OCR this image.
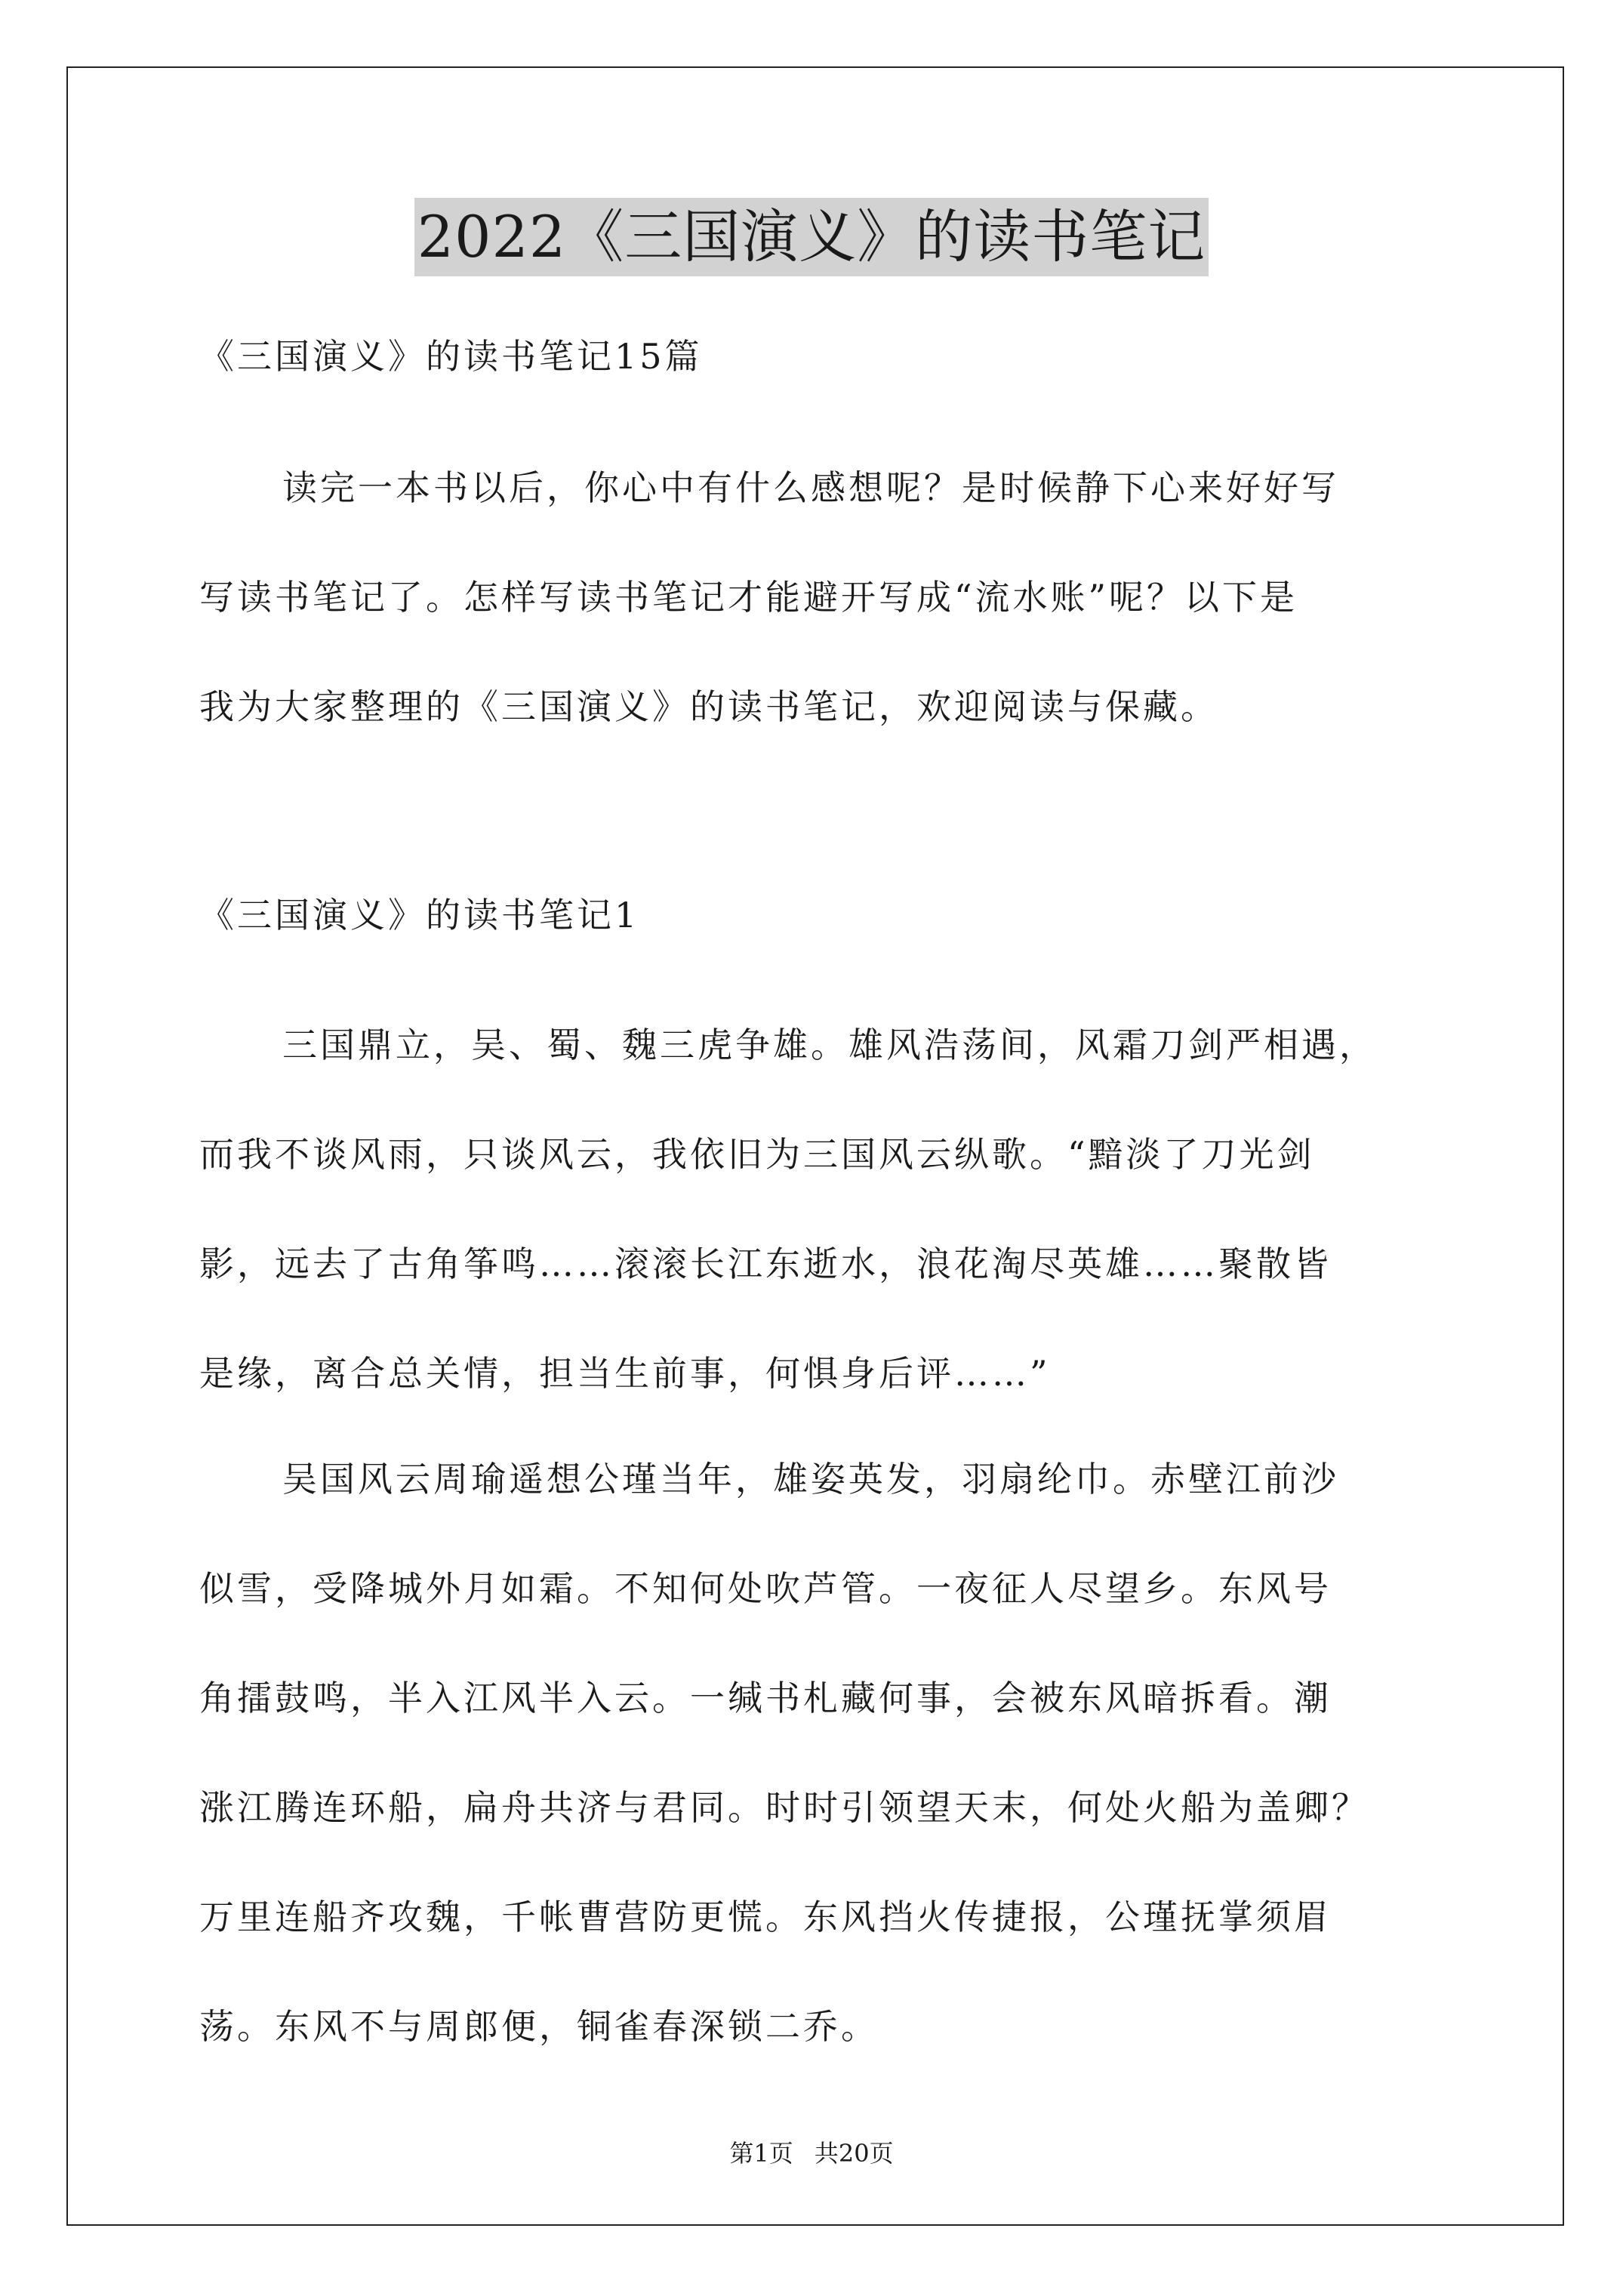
2022《三国演义》的读书笔记

《三国演义》的读书笔记15篇

读完一本书以后，你心中有什么感想呢？是时候静下心来好好写
写读书笔记了。怎样写读书笔记才能避开写成“流水账”呢？以下是
我为大家整理的《三国演义》的读书笔记，欢迎阅读与保藏。

《三国演义》的读书笔记1

三国鼎立，吴、蜀、魏三虎争雄。雄风浩荡间，风霜刀剑严相遇，
而我不谈风雨，只谈风云，我依旧为三国风云纵歌。“黯淡了刀光剑
影，远去了古角筝鸣……滚滚长江东逝水，浪花淘尽英雄……聚散皆
是缘，离合总关情，担当生前事，何惧身后评……”

吴国风云周瑜遥想公瑾当年，雄姿英发，羽扇纶巾。赤壁江前沙
似雪，受降城外月如霜。不知何处吹芦管。一夜征人尽望乡。东风号
角擂鼓鸣，半入江风半入云。一缄书札藏何事，会被东风暗拆看。潮
涨江腾连环船，扁舟共济与君同。时时引领望天末，何处火船为盖卿？
万里连船齐攻魏，千帐曹营防更慌。东风挡火传捷报，公瑾抚掌须眉
荡。东风不与周郎便，铜雀春深锁二乔。

第1页 共20页
